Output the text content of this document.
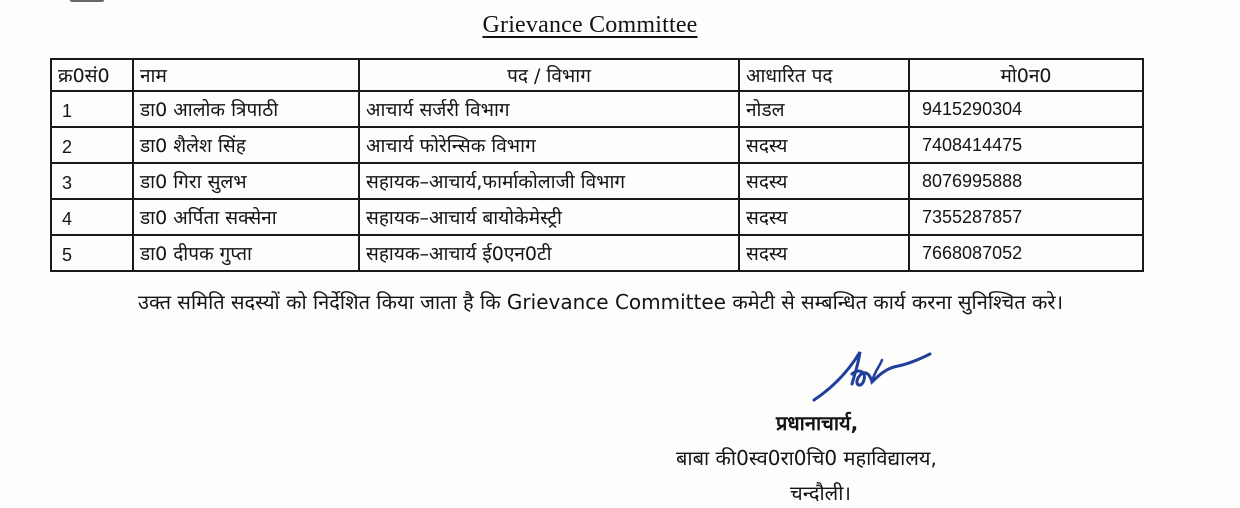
Grievance Committee
क्र0सं0	नाम	पद / विभाग	आधारित पद	मो0न0
1	डा0 आलोक त्रिपाठी	आचार्य सर्जरी विभाग	नोडल	9415290304
2	डा0 शैलेश सिंह	आचार्य फोरेन्सिक विभाग	सदस्य	7408414475
3	डा0 गिरा सुलभ	सहायक–आचार्य,फार्माकोलाजी विभाग	सदस्य	8076995888
4	डा0 अर्पिता सक्सेना	सहायक–आचार्य बायोकेमेस्ट्री	सदस्य	7355287857
5	डा0 दीपक गुप्ता	सहायक–आचार्य ई0एन0टी	सदस्य	7668087052
उक्त समिति सदस्यों को निर्देशित किया जाता है कि Grievance Committee कमेटी से सम्बन्धित कार्य करना सुनिश्चित करे।
प्रधानाचार्य,
बाबा की0स्व0रा0चि0 महाविद्यालय,
चन्दौली।
